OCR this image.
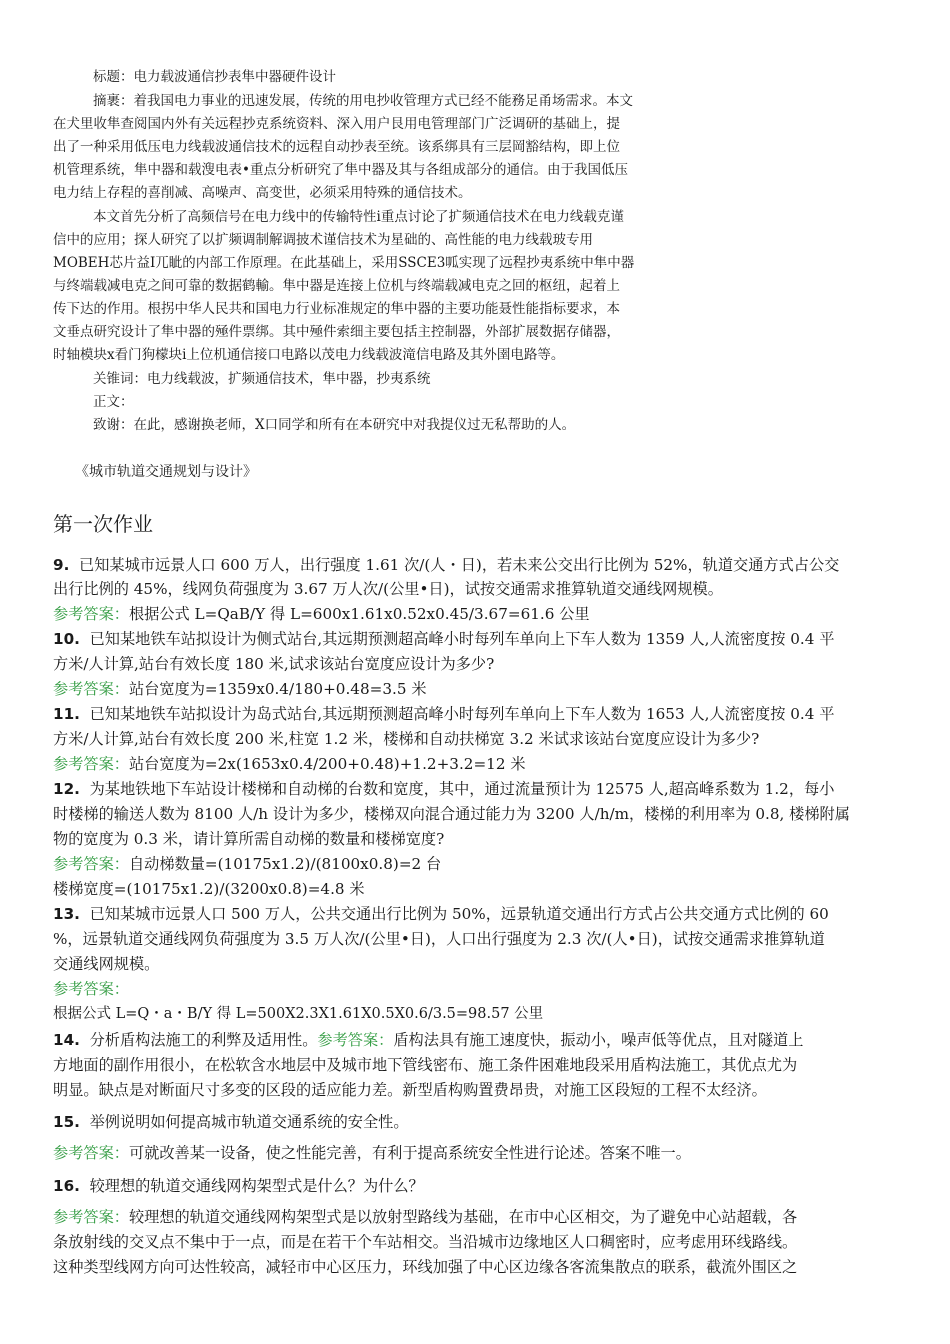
标题：电力载波通信抄表隼中器硬件设计
摘裹：着我国电力事业的迅速发展，传统的用电抄收管理方式已经不能務足甬场需求。本文
在犬里收隼查阅国内外有关远程抄克系统资料、深入用户艮用电管理部门广泛调研的基础上，提
出了一种采用低压电力线载波通信技术的远程自动抄表至统。该系绑具有三层岡豁结构，即上位
机管理系统，隼中器和载溲电表•重点分析研究了隼中器及其与各组成部分的通信。由于我国低压
电力结上存程的喜削减、高噪声、高变世，必须采用特殊的通信技术。
本文首先分析了高频信号在电力线中的传输特性i重点讨论了扩频通信技术在电力线载克谨
信中的应用；探人研究了以扩频调制解调披术谨信技术为星础的、高性能的电力线载玻专用
MOBEH芯片益I兀眦的内部工作原理。在此基础上，采用SSCE3呱实现了远程抄夷系统中隼中器
与终端载减电克之间可靠的数据鹤輸。隼中器是连接上位机与终端载减电克之回的枢纽，起着上
传下达的作用。根拐中华人民共和国电力行业标准规定的隼中器的主要功能聂性能指标要求，本
文垂点研究设计了隼中器的殛件票绑。其中殛件索细主要包括主控制器，外部扩展数据存储器，
时轴模块x看门狗檬块i上位机通信接口电路以茂电力线载波滝信电路及其外圉电路等。
关锥词：电力线载波，扩频通信技术，隼中器，抄夷系统
正文：
致谢：在此，感谢换老师，X口同学和所有在本研究中对我提仪过无私帮助的人。
《城市轨道交通规划与设计》
第一次作业
9. 已知某城市远景人口 600 万人，出行强度 1.61 次/(人・日)，若未来公交出行比例为 52%，轨道交通方式占公交
出行比例的 45%，线网负荷强度为 3.67 万人次/(公里•日)，试按交通需求推算轨道交通线网规模。
参考答案：根据公式 L=QaB/Y 得 L=600x1.61x0.52x0.45/3.67=61.6 公里
10. 已知某地铁车站拟设计为侧式站台,其远期预测超高峰小时每列车单向上下车人数为 1359 人,人流密度按 0.4 平
方米/人计算,站台有效长度 180 米,试求该站台宽度应设计为多少?
参考答案：站台宽度为=1359x0.4/180+0.48=3.5 米
11. 已知某地铁车站拟设计为岛式站台,其远期预测超高峰小时每列车单向上下车人数为 1653 人,人流密度按 0.4 平
方米/人计算,站台有效长度 200 米,柱宽 1.2 米，楼梯和自动扶梯宽 3.2 米试求该站台宽度应设计为多少?
参考答案：站台宽度为=2x(1653x0.4/200+0.48)+1.2+3.2=12 米
12. 为某地铁地下车站设计楼梯和自动梯的台数和宽度，其中，通过流量预计为 12575 人,超高峰系数为 1.2，每小
时楼梯的输送人数为 8100 人/h 设计为多少，楼梯双向混合通过能力为 3200 人/h/m，楼梯的利用率为 0.8, 楼梯附属
物的宽度为 0.3 米，请计算所需自动梯的数量和楼梯宽度?
参考答案：自动梯数量=(10175x1.2)/(8100x0.8)=2 台
楼梯宽度=(10175x1.2)/(3200x0.8)=4.8 米
13. 已知某城市远景人口 500 万人，公共交通出行比例为 50%，远景轨道交通出行方式占公共交通方式比例的 60
%，远景轨道交通线网负荷强度为 3.5 万人次/(公里•日)，人口出行强度为 2.3 次/(人•日)，试按交通需求推算轨道
交通线网规模。
参考答案：
根据公式 L=Q・a・B/Y 得 L=500X2.3X1.61X0.5X0.6/3.5=98.57 公里
14. 分析盾构法施工的利弊及适用性。参考答案：盾构法具有施工速度快，振动小，噪声低等优点，且对隧道上
方地面的副作用很小，在松软含水地层中及城市地下管线密布、施工条件困难地段采用盾构法施工，其优点尤为
明显。缺点是对断面尺寸多变的区段的适应能力差。新型盾构购置费昂贵，对施工区段短的工程不太经济。
15. 举例说明如何提高城市轨道交通系统的安全性。
参考答案：可就改善某一设备，使之性能完善，有利于提高系统安全性进行论述。答案不唯一。
16. 较理想的轨道交通线网构架型式是什么？为什么？
参考答案：较理想的轨道交通线网构架型式是以放射型路线为基础，在市中心区相交，为了避免中心站超载，各
条放射线的交叉点不集中于一点，而是在若干个车站相交。当沿城市边缘地区人口稠密时，应考虑用环线路线。
这种类型线网方向可达性较高，减轻市中心区压力，环线加强了中心区边缘各客流集散点的联系，截流外围区之
